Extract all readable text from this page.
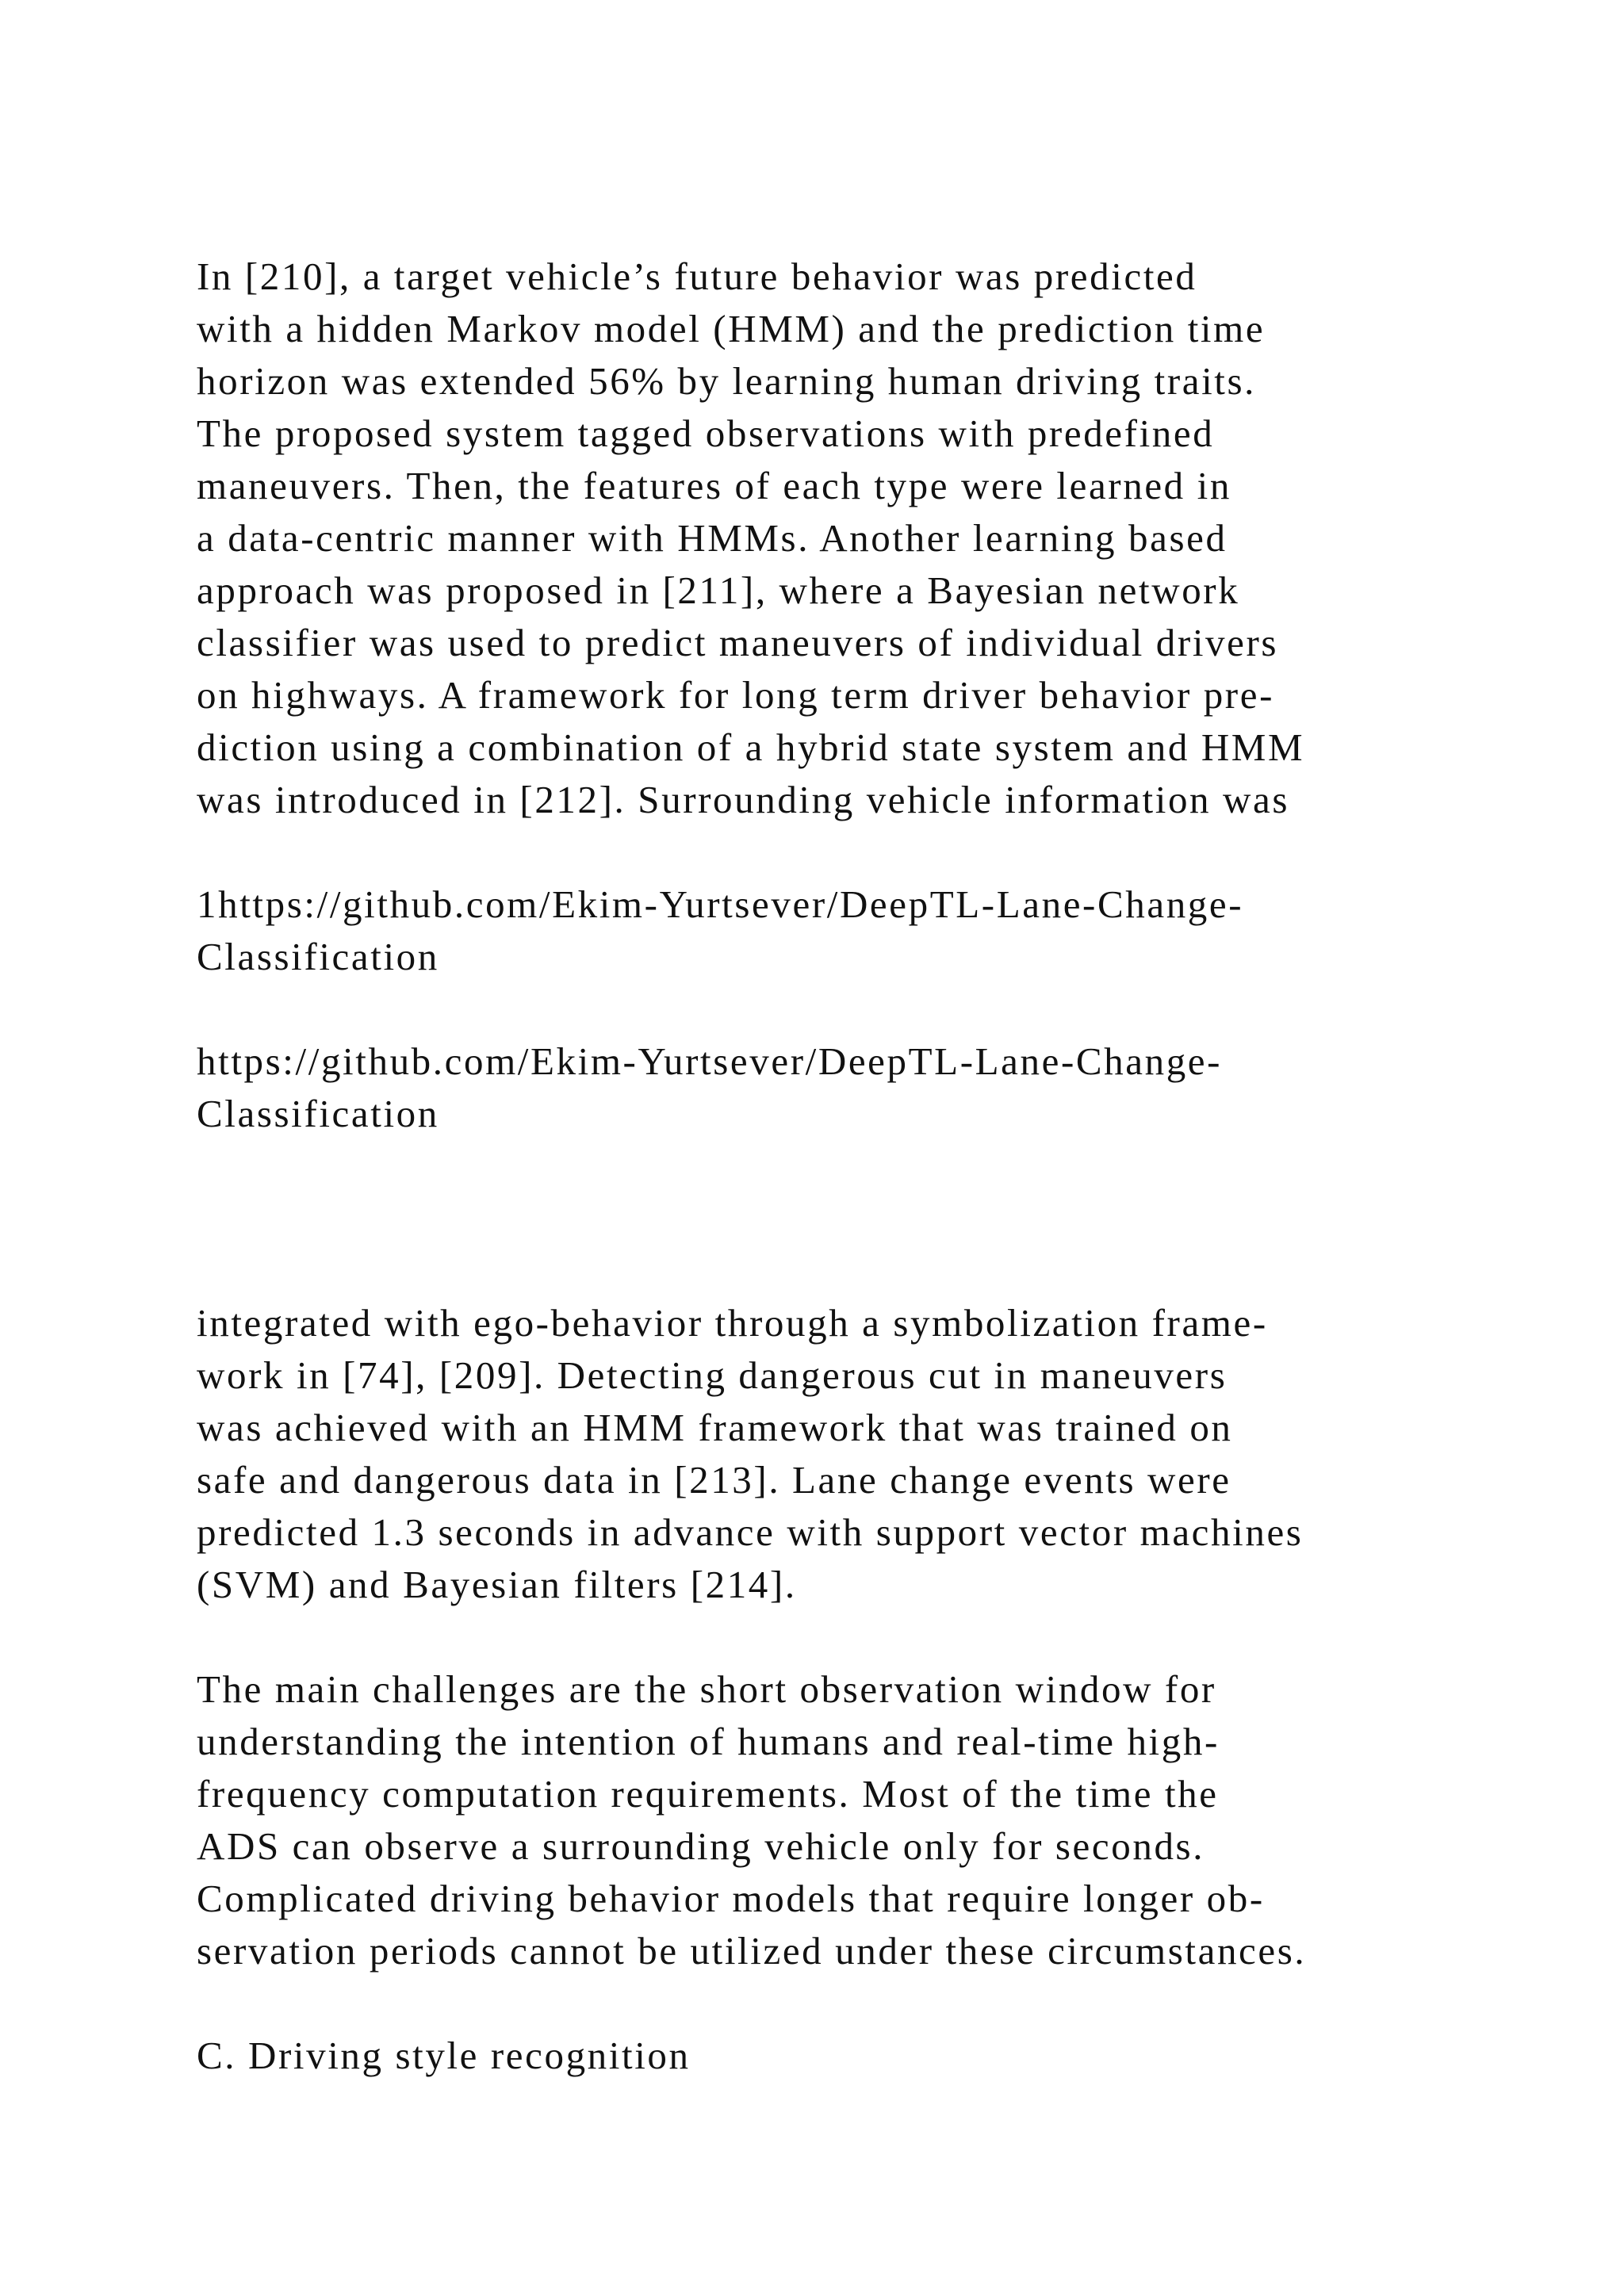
In [210], a target vehicle’s future behavior was predicted
with a hidden Markov model (HMM) and the prediction time
horizon was extended 56% by learning human driving traits.
The proposed system tagged observations with predefined
maneuvers. Then, the features of each type were learned in
a data-centric manner with HMMs. Another learning based
approach was proposed in [211], where a Bayesian network
classifier was used to predict maneuvers of individual drivers
on highways. A framework for long term driver behavior pre-
diction using a combination of a hybrid state system and HMM
was introduced in [212]. Surrounding vehicle information was

1https://github.com/Ekim-Yurtsever/DeepTL-Lane-Change-
Classification

https://github.com/Ekim-Yurtsever/DeepTL-Lane-Change-
Classification

integrated with ego-behavior through a symbolization frame-
work in [74], [209]. Detecting dangerous cut in maneuvers
was achieved with an HMM framework that was trained on
safe and dangerous data in [213]. Lane change events were
predicted 1.3 seconds in advance with support vector machines
(SVM) and Bayesian filters [214].

The main challenges are the short observation window for
understanding the intention of humans and real-time high-
frequency computation requirements. Most of the time the
ADS can observe a surrounding vehicle only for seconds.
Complicated driving behavior models that require longer ob-
servation periods cannot be utilized under these circumstances.

C. Driving style recognition
